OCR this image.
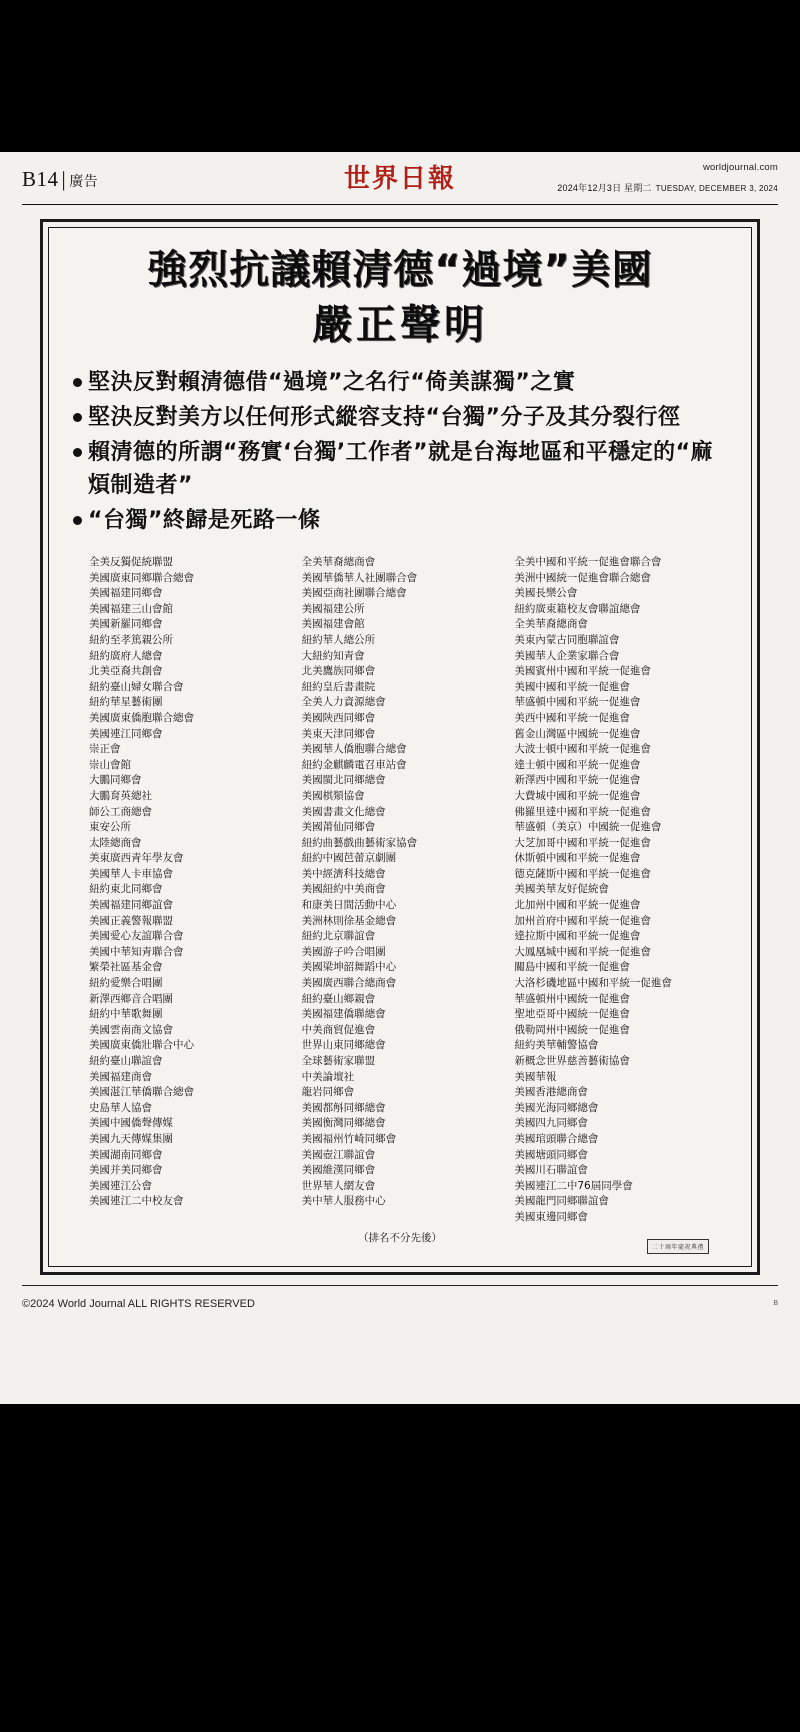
B14 | 廣告	世界日報	worldjournal.com
2024年12月3日 星期二 TUESDAY, DECEMBER 3, 2024
強烈抗議賴清德“過境”美國
嚴正聲明
堅決反對賴清德借“過境”之名行“倚美謀獨”之實
堅決反對美方以任何形式縱容支持“台獨”分子及其分裂行徑
賴清德的所謂“務實‘台獨’工作者”就是台海地區和平穩定的“麻煩制造者”
“台獨”終歸是死路一條
全美反獨促統聯盟
美國廣東同鄉聯合總會
美國福建同鄉會
美國福建三山會館
美國新羅同鄉會
紐約至孝篤親公所
紐約廣府人總會
北美亞裔共創會
紐約臺山婦女聯合會
紐約華星藝術團
美國廣東僑胞聯合總會
美國連江同鄉會
崇正會
崇山會館
大鵬同鄉會
大鵬育英總社
師公工商總會
東安公所
太陸總商會
美東廣西青年學友會
美國華人卡車協會
紐約東北同鄉會
美國福建同鄉誼會
美國正義警報聯盟
美國愛心友誼聯合會
美國中華知青聯合會
繁榮社區基金會
紐約愛樂合唱團
新澤西鄉音合唱團
紐約中華歌舞團
美國雲南商文協會
美國廣東僑壯聯合中心
紐約臺山聯誼會
美國福建商會
美國湛江華僑聯合總會
史島華人協會
美國中國僑聲傳媒
美國九天傳媒集團
美國湖南同鄉會
美國并美同鄉會
美國連江公會
美國連江二中校友會
全美華裔總商會
美國華僑華人社團聯合會
美國亞商社團聯合總會
美國福建公所
美國福建會館
紐約華人總公所
大紐約知青會
北美鷹族同鄉會
紐約皇后書畫院
全美人力資源總會
美國陝西同鄉會
美東天津同鄉會
美國華人僑胞聯合總會
紐約金麒麟電召車站會
美國閩北同鄉總會
美國棋類協會
美國書畫文化總會
美國莆仙同鄉會
紐約曲藝戲曲藝術家協會
紐約中國芭蕾京劇團
美中經濟科技總會
美國紐約中美商會
和康美日間活動中心
美洲林則徐基金總會
紐約北京聯誼會
美國游子吟合唱團
美國梁坤韶舞蹈中心
美國廣西聯合總商會
紐約臺山鄉親會
美國福建僑聯總會
中美商貿促進會
世界山東同鄉總會
全球藝術家聯盟
中美論壇社
龍岩同鄉會
美國都斛同鄉總會
美國衡灣同鄉總會
美國福州竹崎同鄉會
美國壺江聯誼會
美國維漢同鄉會
世界華人網友會
美中華人服務中心
全美中國和平統一促進會聯合會
美洲中國統一促進會聯合總會
美國長樂公會
紐約廣東籍校友會聯誼總會
全美華裔總商會
美東內蒙古同胞聯誼會
美國華人企業家聯合會
美國賓州中國和平統一促進會
美國中國和平統一促進會
華盛頓中國和平統一促進會
美西中國和平統一促進會
舊金山灣區中國統一促進會
大波士頓中國和平統一促進會
達士頓中國和平統一促進會
新澤西中國和平統一促進會
大費城中國和平統一促進會
佛羅里達中國和平統一促進會
華盛頓（美京）中國統一促進會
大芝加哥中國和平統一促進會
休斯頓中國和平統一促進會
德克薩斯中國和平統一促進會
美國美華友好促統會
北加州中國和平統一促進會
加州首府中國和平統一促進會
達拉斯中國和平統一促進會
大鳳凰城中國和平統一促進會
關島中國和平統一促進會
大洛杉磯地區中國和平統一促進會
華盛頓州中國統一促進會
聖地亞哥中國統一促進會
俄勒岡州中國統一促進會
紐約美華輔警協會
新概念世界慈善藝術協會
美國華報
美國香港總商會
美國光海同鄉總會
美國四九同鄉會
美國琯頭聯合總會
美國塘頭同鄉會
美國川石聯誼會
美國連江二中76屆同學會
美國龍門同鄉聯誼會
美國東邊同鄉會
（排名不分先後）
二十周年慶祝典禮
©2024 World Journal ALL RIGHTS RESERVED	B
